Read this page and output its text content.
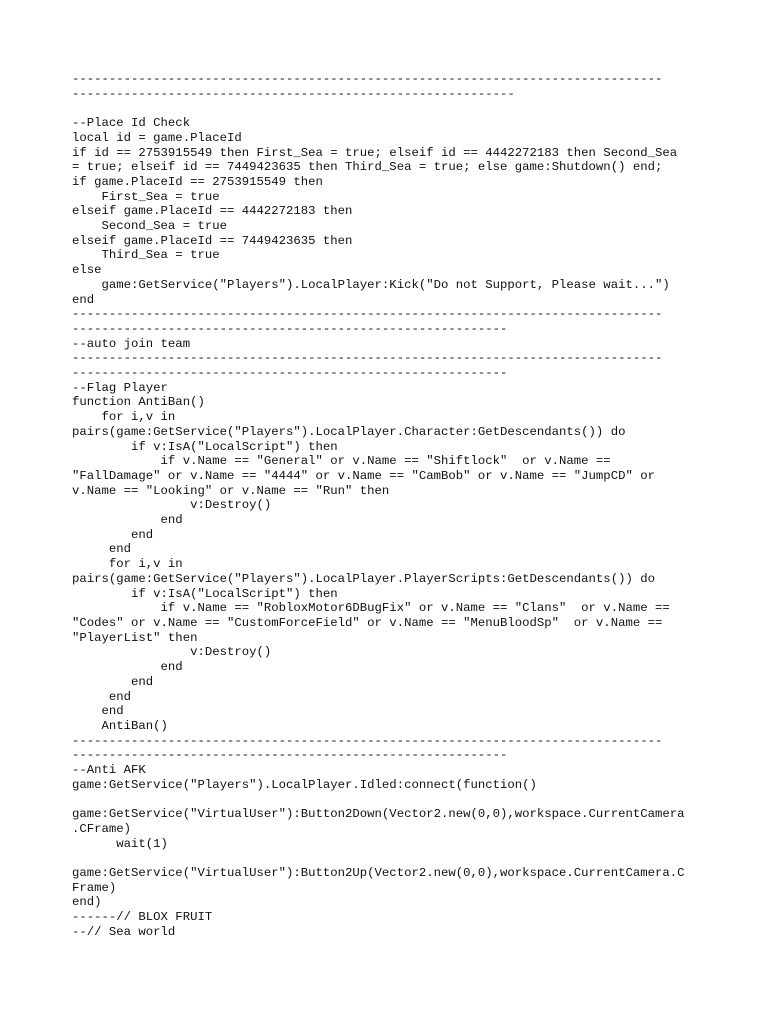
--------------------------------------------------------------------------------
------------------------------------------------------------
--Place Id Check
local id = game.PlaceId
if id == 2753915549 then First_Sea = true; elseif id == 4442272183 then Second_Sea
= true; elseif id == 7449423635 then Third_Sea = true; else game:Shutdown() end;
if game.PlaceId == 2753915549 then
First_Sea = true
elseif game.PlaceId == 4442272183 then
Second_Sea = true
elseif game.PlaceId == 7449423635 then
Third_Sea = true
else
game:GetService("Players").LocalPlayer:Kick("Do not Support, Please wait...")
end
--------------------------------------------------------------------------------
-----------------------------------------------------------
--auto join team
--------------------------------------------------------------------------------
-----------------------------------------------------------
--Flag Player
function AntiBan()
for i,v in
pairs(game:GetService("Players").LocalPlayer.Character:GetDescendants()) do
if v:IsA("LocalScript") then
if v.Name == "General" or v.Name == "Shiftlock"  or v.Name ==
"FallDamage" or v.Name == "4444" or v.Name == "CamBob" or v.Name == "JumpCD" or
v.Name == "Looking" or v.Name == "Run" then
v:Destroy()
end
end
end
for i,v in
pairs(game:GetService("Players").LocalPlayer.PlayerScripts:GetDescendants()) do
if v:IsA("LocalScript") then
if v.Name == "RobloxMotor6DBugFix" or v.Name == "Clans"  or v.Name ==
"Codes" or v.Name == "CustomForceField" or v.Name == "MenuBloodSp"  or v.Name ==
"PlayerList" then
v:Destroy()
end
end
end
end
AntiBan()
--------------------------------------------------------------------------------
-----------------------------------------------------------
--Anti AFK
game:GetService("Players").LocalPlayer.Idled:connect(function()
game:GetService("VirtualUser"):Button2Down(Vector2.new(0,0),workspace.CurrentCamera
.CFrame)
wait(1)
game:GetService("VirtualUser"):Button2Up(Vector2.new(0,0),workspace.CurrentCamera.C
Frame)
end)
------// BLOX FRUIT
--// Sea world
